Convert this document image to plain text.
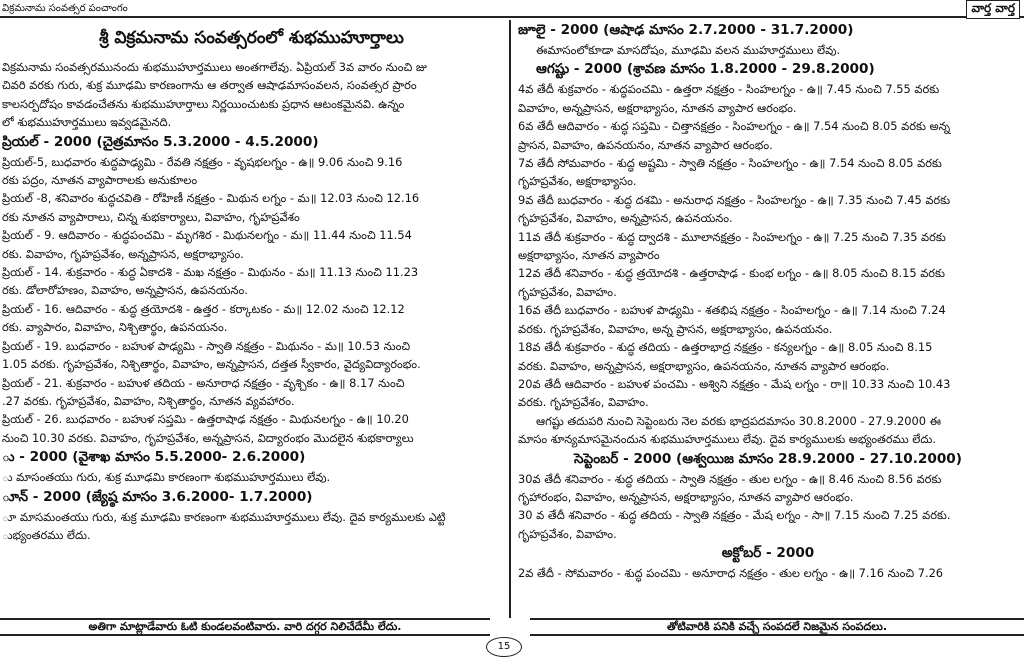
విక్రమనామ సంవత్సర పంచాంగం	వార్త వార్త
శ్రీ విక్రమనామ సంవత్సరంలో శుభముహూర్తాలు
విక్రమనామ సంవత్సరమునందు శుభముహూర్తములు అంతగాలేవు. ఏప్రియల్ 3వ వారం నుంచి జు
చివరి వరకు గురు, శుక్ర మూఢమి కారణంగాను ఆ తర్వాత ఆషాఢమాసంవలన, సంవత్సర ప్రారం
కాలసర్పదోషం కావడంచేతను శుభముహూర్తాలు నిర్ణయించుటకు ప్రధాన ఆటంకమైనవి. ఉన్నం
లో శుభముహూర్తములు ఇవ్వడమైనది.
ప్రియల్ - 2000 (చైత్రమాసం 5.3.2000 - 4.5.2000)
ప్రియల్-5, బుధవారం శుద్ధపాఢ్యమి - రేవతి నక్షత్రం - వృషభలగ్నం - ఉ॥ 9.06 నుంచి 9.16
రకు పద్రం, నూతన వ్యాపారాలకు అనుకూలం
ప్రియల్ -8, శనివారం శుద్ధచవితి - రోహిణీ నక్షత్రం - మిథున లగ్నం - మ॥ 12.03 నుంచి 12.16
రకు నూతన వ్యాపారాలు, చిన్న శుభకార్యాలు, వివాహం, గృహప్రవేశం
ప్రియల్ - 9. ఆదివారం - శుద్ధపంచమి - మృగశిర - మిథునలగ్నం - మ॥ 11.44 నుంచి 11.54
రకు. వివాహం, గృహప్రవేశం, అన్నప్రాసన, అక్షరాభ్యాసం.
ప్రియల్ - 14. శుక్రవారం - శుద్ధ ఏకాదశి - మఖ నక్షత్రం - మిథునం - మ॥ 11.13 నుంచి 11.23
రకు. డోలారోహణం, వివాహం, అన్నప్రాసన, ఉపనయనం.
ప్రియల్ - 16. ఆదివారం - శుద్ధ త్రయోదశి - ఉత్తర - కర్కాటకం - మ॥ 12.02 నుంచి 12.12
రకు. వ్యాపారం, వివాహం, నిశ్చితార్థం, ఉపనయనం.
ప్రియల్ - 19. బుధవారం - బహుళ పాఢ్యమి - స్వాతి నక్షత్రం - మిథునం - మ॥ 10.53 నుంచి
1.05 వరకు. గృహప్రవేశం, నిశ్చితార్థం, వివాహం, అన్నప్రాసన, దత్తత స్వీకారం, వైద్యవిద్యారంభం.
ప్రియల్ - 21. శుక్రవారం - బహుళ తదియ - అనూరాధ నక్షత్రం - వృశ్చికం - ఉ॥ 8.17 నుంచి
.27 వరకు. గృహప్రవేశం, వివాహం, నిశ్చితార్థం, నూతన వ్యవహారం.
ప్రియల్ - 26. బుధవారం - బహుళ సప్తమి - ఉత్తరాషాఢ నక్షత్రం - మిథునలగ్నం - ఉ॥ 10.20
నుంచి 10.30 వరకు. వివాహం, గృహప్రవేశం, అన్నప్రాసన, విద్యారంభం మొదలైన శుభకార్యాలు
ు - 2000 (వైశాఖ మాసం 5.5.2000- 2.6.2000)
ు మాసంతయు గురు, శుక్ర మూఢమి కారణంగా శుభముహూర్తములు లేవు.
ూన్ - 2000 (జ్యేష్ఠ మాసం 3.6.2000- 1.7.2000)
ూ మాసమంతయు గురు, శుక్ర మూఢమి కారణంగా శుభముహూర్తములు లేవు. దైవ కార్యములకు ఎట్టి
ుభ్యంతరము లేదు.
జూలై - 2000 (ఆషాఢ మాసం 2.7.2000 - 31.7.2000)
ఈమాసంలోకూడా మాసదోషం, మూఢమి వలన ముహూర్తములు లేవు.
ఆగష్టు - 2000 (శ్రావణ మాసం 1.8.2000 - 29.8.2000)
4వ తేదీ శుక్రవారం - శుద్ధపంచమి - ఉత్తరా నక్షత్రం - సింహలగ్నం - ఉ॥ 7.45 నుంచి 7.55 వరకు
వివాహం, అన్నప్రాసన, అక్షరాభ్యాసం, నూతన వ్యాపార ఆరంభం.
6వ తేదీ ఆదివారం - శుద్ధ సప్తమి - చిత్తానక్షత్రం - సింహలగ్నం - ఉ॥ 7.54 నుంచి 8.05 వరకు అన్న
ప్రాసన, వివాహం, ఉపనయనం, నూతన వ్యాపార ఆరంభం.
7వ తేదీ సోమవారం - శుద్ధ అష్టమి - స్వాతి నక్షత్రం - సింహలగ్నం - ఉ॥ 7.54 నుంచి 8.05 వరకు
గృహప్రవేశం, అక్షరాభ్యాసం.
9వ తేదీ బుధవారం - శుద్ధ దశమి - అనురాధ నక్షత్రం - సింహలగ్నం - ఉ॥ 7.35 నుంచి 7.45 వరకు
గృహప్రవేశం, వివాహం, అన్నప్రాసన, ఉపనయనం.
11వ తేదీ శుక్రవారం - శుద్ధ ద్వాదశి - మూలానక్షత్రం - సింహలగ్నం - ఉ॥ 7.25 నుంచి 7.35 వరకు
అక్షరాభ్యాసం, నూతన వ్యాపారం
12వ తేదీ శనివారం - శుద్ధ త్రయోదశి - ఉత్తరాషాఢ - కుంభ లగ్నం - ఉ॥ 8.05 నుంచి 8.15 వరకు
గృహప్రవేశం, వివాహం.
16వ తేదీ బుధవారం - బహుళ పాఢ్యమి - శతభిష నక్షత్రం - సింహలగ్నం - ఉ॥ 7.14 నుంచి 7.24
వరకు. గృహప్రవేశం, వివాహం, అన్న ప్రాసన, అక్షరాభ్యాసం, ఉపనయనం.
18వ తేదీ శుక్రవారం - శుద్ధ తదియ - ఉత్తరాభాద్ర నక్షత్రం - కన్యలగ్నం - ఉ॥ 8.05 నుంచి 8.15
వరకు. వివాహం, అన్నప్రాసన, అక్షరాభ్యాసం, ఉపనయనం, నూతన వ్యాపార ఆరంభం.
20వ తేదీ ఆదివారం - బహుళ పంచమి - అశ్విని నక్షత్రం - మేష లగ్నం - రా॥ 10.33 నుంచి 10.43
వరకు. గృహప్రవేశం, వివాహం.
ఆగష్టు తదుపరి నుంచి సెప్టెంబరు నెల వరకు భాద్రపదమాసం 30.8.2000 - 27.9.2000 ఈ
మాసం శూన్యమాసమైనందున శుభముహూర్తములు లేవు. దైవ కార్యములకు అభ్యంతరము లేదు.
సెప్టెంబర్ - 2000 (ఆశ్వయిజ మాసం 28.9.2000 - 27.10.2000)
30వ తేదీ శనివారం - శుద్ధ తదియ - స్వాతి నక్షత్రం - తుల లగ్నం - ఉ॥ 8.46 నుంచి 8.56 వరకు
గృహారంభం, వివాహం, అన్నప్రాసన, అక్షరాభ్యాసం, నూతన వ్యాపార ఆరంభం.
30 వ తేదీ శనివారం - శుద్ధ తదియ - స్వాతి నక్షత్రం - మేష లగ్నం - సా॥ 7.15 నుంచి 7.25 వరకు.
గృహప్రవేశం, వివాహం.
అక్టోబర్ - 2000
2వ తేదీ - సోమవారం - శుద్ధ పంచమి - అనూరాధ నక్షత్రం - తుల లగ్నం - ఉ॥ 7.16 నుంచి 7.26
అతిగా మాట్లాడేవారు ఓటి కుండలవంటివారు. వారి దగ్గర నిలిచేదేమీ లేదు.	తోటివారికి పనికి వచ్చే సంపదలే నిజమైన సంపదలు.
15
